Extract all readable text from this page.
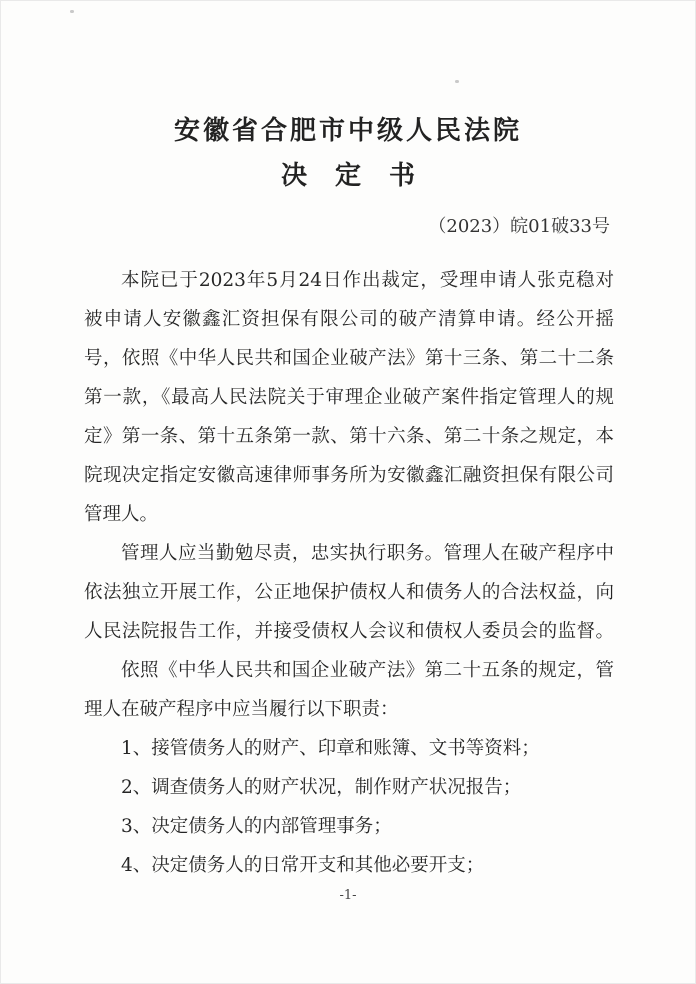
安徽省合肥市中级人民法院
决定书
（2023）皖01破33号
本院已于2023年5月24日作出裁定，受理申请人张克稳对
被申请人安徽鑫汇资担保有限公司的破产清算申请。经公开摇
号，依照《中华人民共和国企业破产法》第十三条、第二十二条
第一款，《最高人民法院关于审理企业破产案件指定管理人的规
定》第一条、第十五条第一款、第十六条、第二十条之规定，本
院现决定指定安徽高速律师事务所为安徽鑫汇融资担保有限公司
管理人。
管理人应当勤勉尽责，忠实执行职务。管理人在破产程序中
依法独立开展工作，公正地保护债权人和债务人的合法权益，向
人民法院报告工作，并接受债权人会议和债权人委员会的监督。
依照《中华人民共和国企业破产法》第二十五条的规定，管
理人在破产程序中应当履行以下职责：
1、接管债务人的财产、印章和账簿、文书等资料；
2、调查债务人的财产状况，制作财产状况报告；
3、决定债务人的内部管理事务；
4、决定债务人的日常开支和其他必要开支；
-1-
